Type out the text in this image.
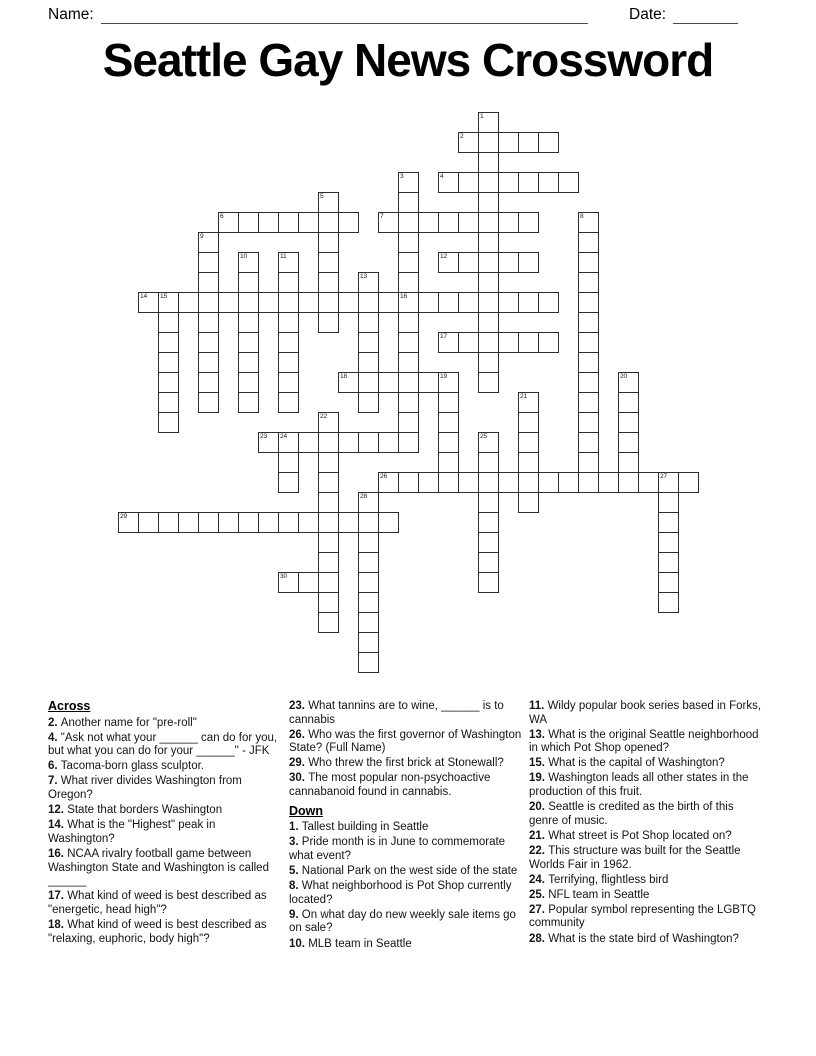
Name:	Date:
Seattle Gay News Crossword
1
2
3
16
4
5
6	7	8
9
10	11	12
13
14 15
17
18	19	20
21
22
23 24	25
26	27
28
29
30
Across
2. Another name for "pre-roll"
4. "Ask not what your ______ can do for you, but what you can do for your ______" - JFK
6. Tacoma-born glass sculptor.
7. What river divides Washington from Oregon?
12. State that borders Washington
14. What is the "Highest" peak in Washington?
16. NCAA rivalry football game between Washington State and Washington is called ______
17. What kind of weed is best described as "energetic, head high"?
18. What kind of weed is best described as "relaxing, euphoric, body high"?
23. What tannins are to wine, ______ is to cannabis
26. Who was the first governor of Washington State? (Full Name)
29. Who threw the first brick at Stonewall?
30. The most popular non-psychoactive cannabanoid found in cannabis.
Down
1. Tallest building in Seattle
3. Pride month is in June to commemorate what event?
5. National Park on the west side of the state
8. What neighborhood is Pot Shop currently located?
9. On what day do new weekly sale items go on sale?
10. MLB team in Seattle
11. Wildy popular book series based in Forks, WA
13. What is the original Seattle neighborhood in which Pot Shop opened?
15. What is the capital of Washington?
19. Washington leads all other states in the production of this fruit.
20. Seattle is credited as the birth of this genre of music.
21. What street is Pot Shop located on?
22. This structure was built for the Seattle Worlds Fair in 1962.
24. Terrifying, flightless bird
25. NFL team in Seattle
27. Popular symbol representing the LGBTQ community
28. What is the state bird of Washington?
